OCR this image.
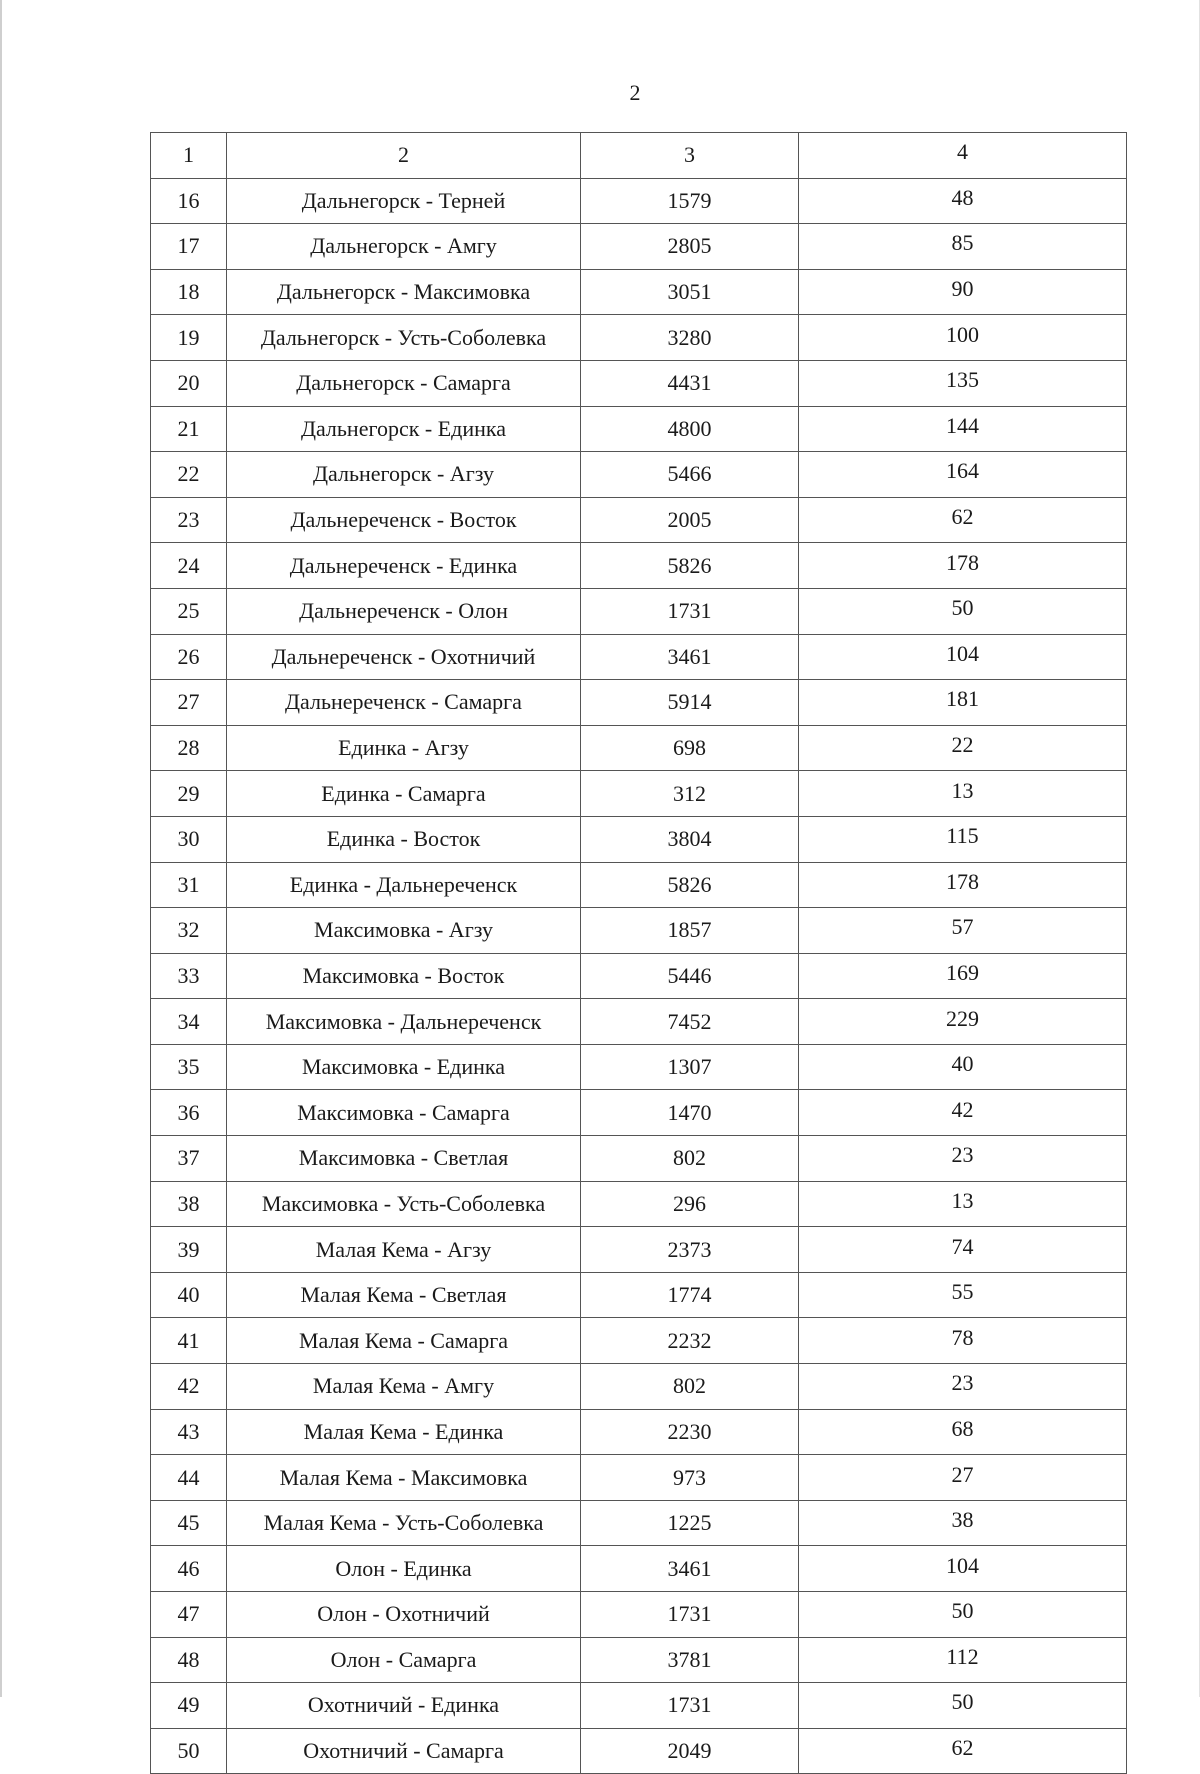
2
1	2	3	4
16	Дальнегорск - Терней	1579	48
17	Дальнегорск - Амгу	2805	85
18	Дальнегорск - Максимовка	3051	90
19	Дальнегорск - Усть-Соболевка	3280	100
20	Дальнегорск - Самарга	4431	135
21	Дальнегорск - Единка	4800	144
22	Дальнегорск - Агзу	5466	164
23	Дальнереченск - Восток	2005	62
24	Дальнереченск - Единка	5826	178
25	Дальнереченск - Олон	1731	50
26	Дальнереченск - Охотничий	3461	104
27	Дальнереченск - Самарга	5914	181
28	Единка - Агзу	698	22
29	Единка - Самарга	312	13
30	Единка - Восток	3804	115
31	Единка - Дальнереченск	5826	178
32	Максимовка - Агзу	1857	57
33	Максимовка - Восток	5446	169
34	Максимовка - Дальнереченск	7452	229
35	Максимовка - Единка	1307	40
36	Максимовка - Самарга	1470	42
37	Максимовка - Светлая	802	23
38	Максимовка - Усть-Соболевка	296	13
39	Малая Кема - Агзу	2373	74
40	Малая Кема - Светлая	1774	55
41	Малая Кема - Самарга	2232	78
42	Малая Кема - Амгу	802	23
43	Малая Кема - Единка	2230	68
44	Малая Кема - Максимовка	973	27
45	Малая Кема - Усть-Соболевка	1225	38
46	Олон - Единка	3461	104
47	Олон - Охотничий	1731	50
48	Олон - Самарга	3781	112
49	Охотничий - Единка	1731	50
50	Охотничий - Самарга	2049	62
